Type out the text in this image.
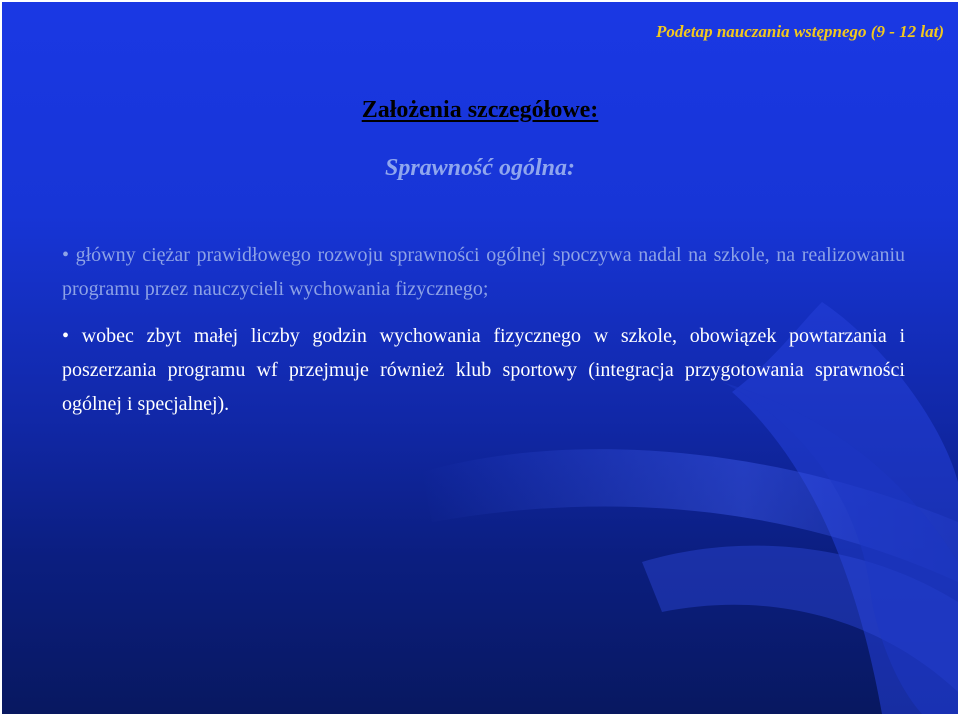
Podetap nauczania wstępnego (9 - 12 lat)

Założenia szczegółowe:
Sprawność ogólna:
• główny ciężar prawidłowego rozwoju sprawności ogólnej spoczywa nadal na szkole, na realizowaniu programu przez nauczycieli wychowania fizycznego;
• wobec zbyt małej liczby godzin wychowania fizycznego w szkole, obowiązek powtarzania i poszerzania programu wf przejmuje również klub sportowy (integracja przygotowania sprawności ogólnej i specjalnej).
